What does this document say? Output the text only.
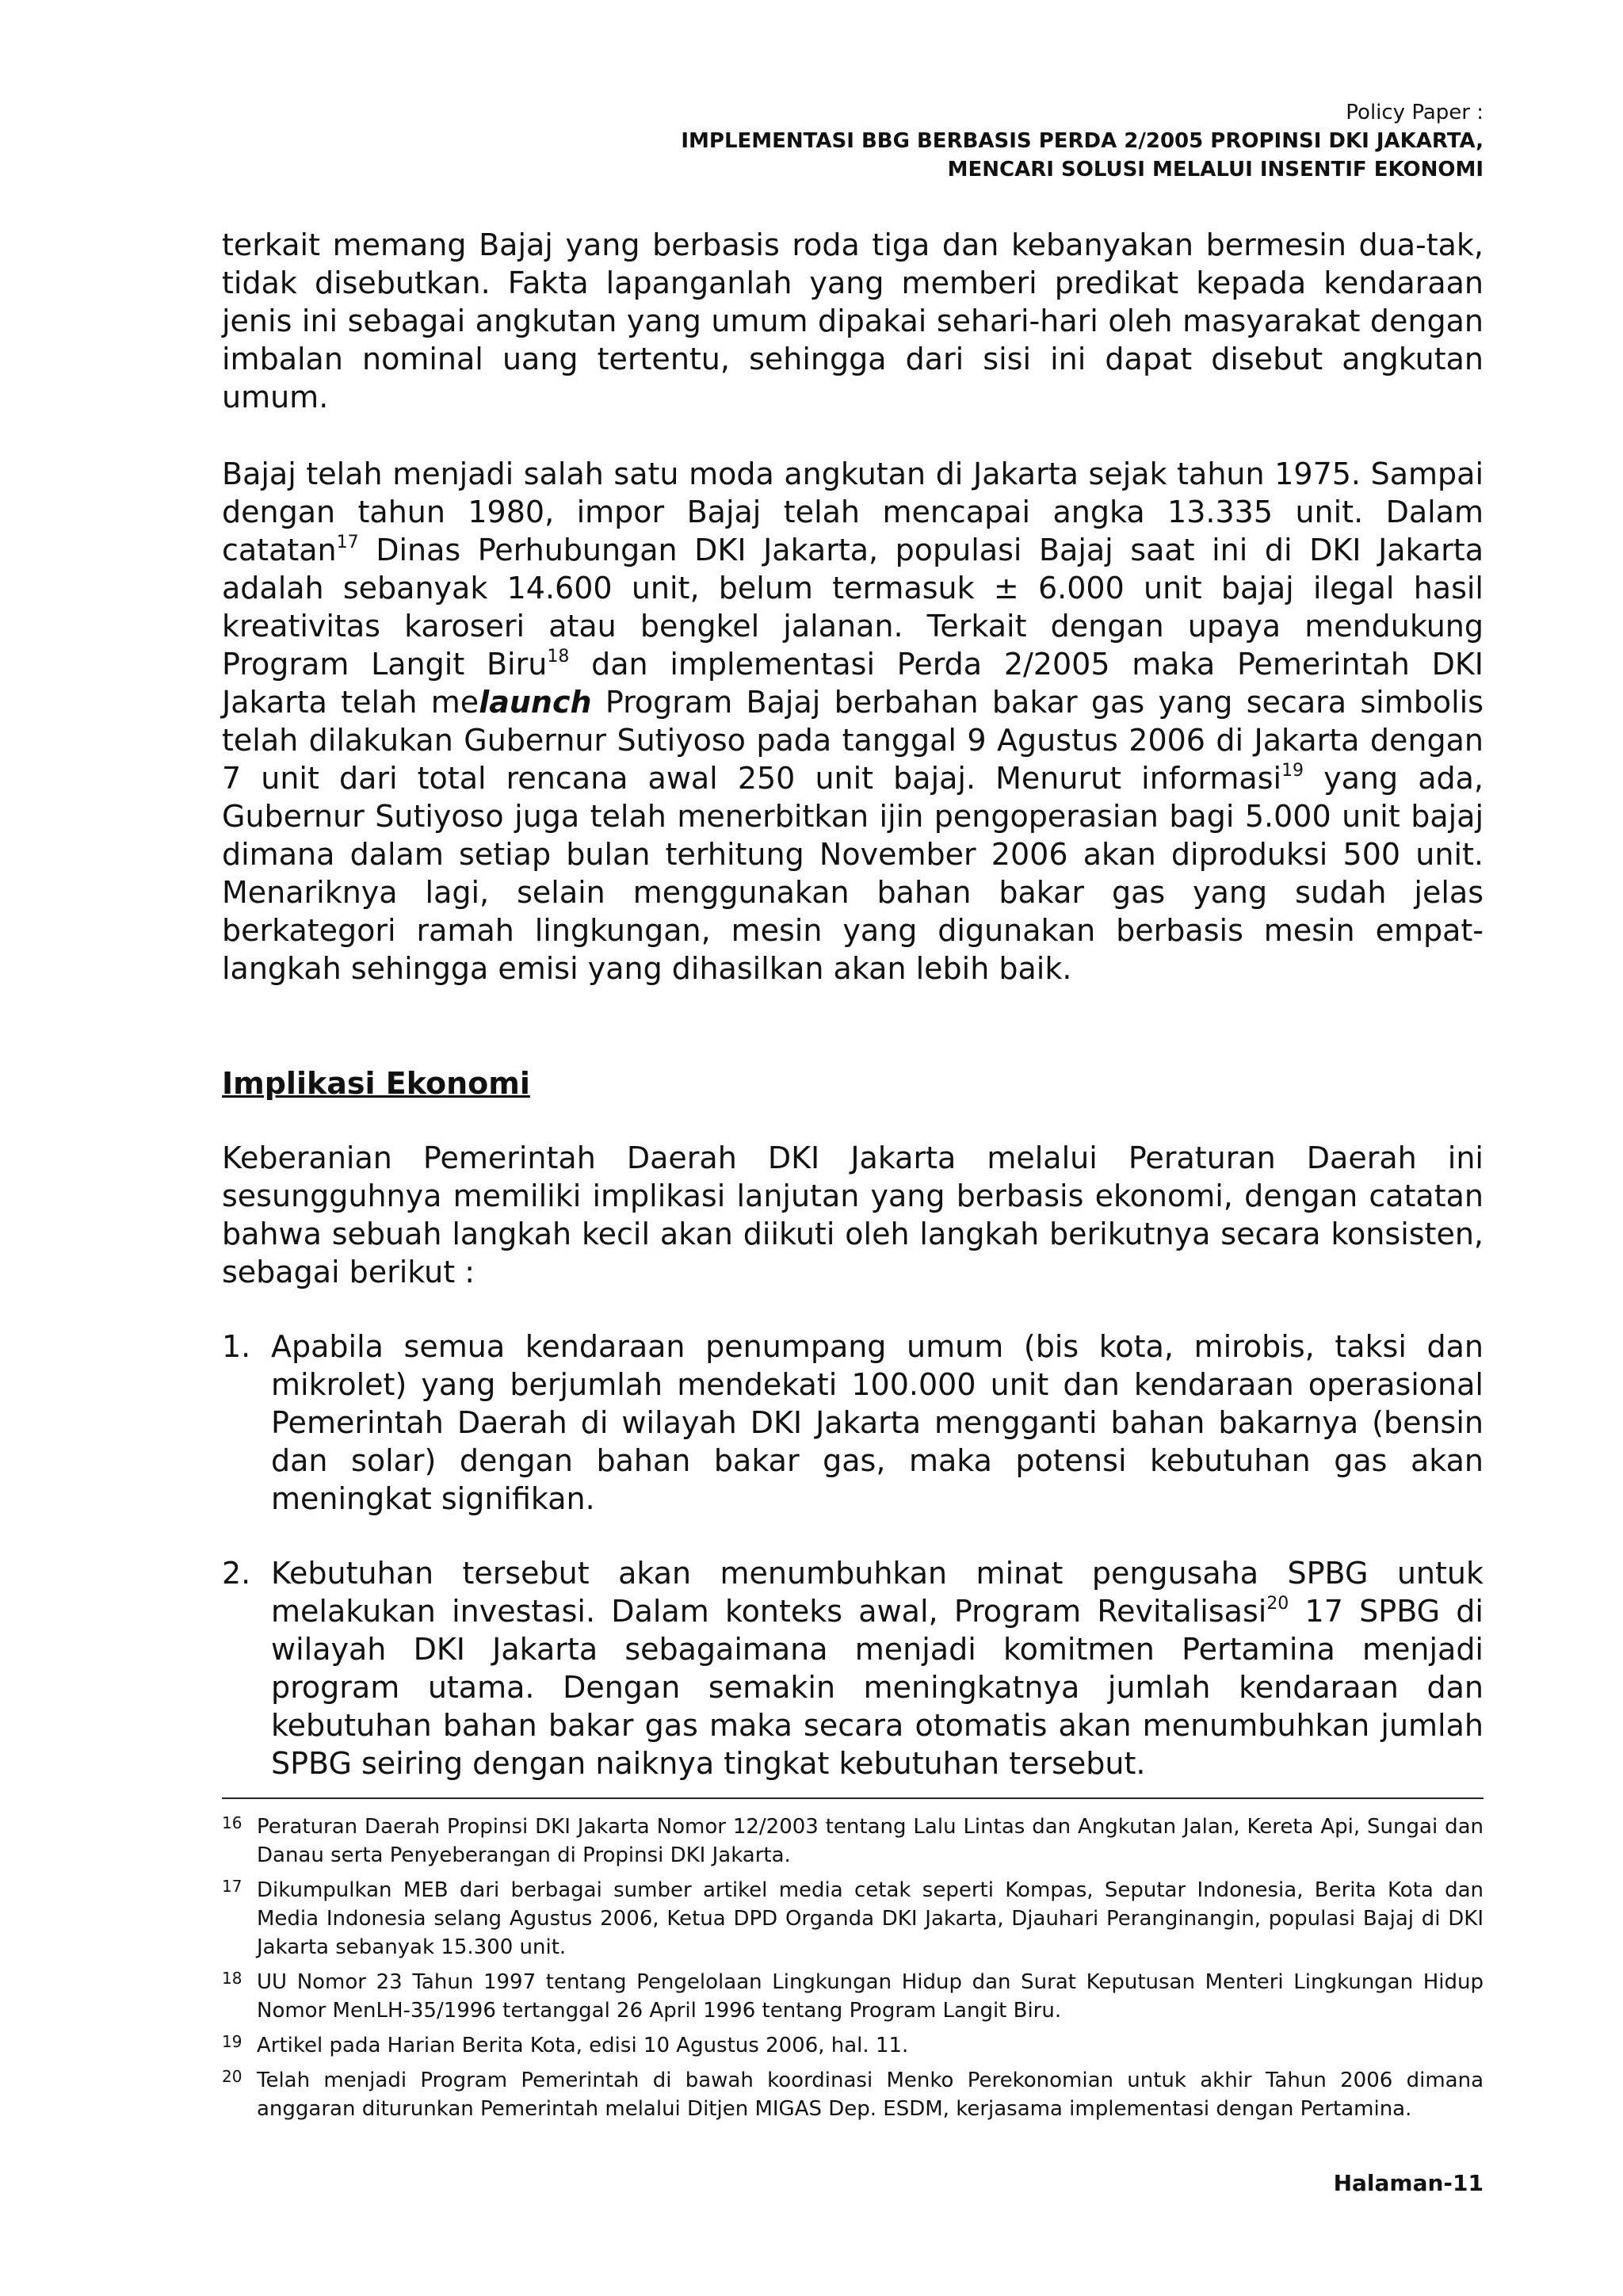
Policy Paper :
IMPLEMENTASI BBG BERBASIS PERDA 2/2005 PROPINSI DKI JAKARTA,
MENCARI SOLUSI MELALUI INSENTIF EKONOMI

terkait memang Bajaj yang berbasis roda tiga dan kebanyakan bermesin dua-tak, tidak disebutkan. Fakta lapanganlah yang memberi predikat kepada kendaraan jenis ini sebagai angkutan yang umum dipakai sehari-hari oleh masyarakat dengan imbalan nominal uang tertentu, sehingga dari sisi ini dapat disebut angkutan umum.

Bajaj telah menjadi salah satu moda angkutan di Jakarta sejak tahun 1975. Sampai dengan tahun 1980, impor Bajaj telah mencapai angka 13.335 unit. Dalam catatan$^{17}$ Dinas Perhubungan DKI Jakarta, populasi Bajaj saat ini di DKI Jakarta adalah sebanyak 14.600 unit, belum termasuk ± 6.000 unit bajaj ilegal hasil kreativitas karoseri atau bengkel jalanan. Terkait dengan upaya mendukung Program Langit Biru$^{18}$ dan implementasi Perda 2/2005 maka Pemerintah DKI Jakarta telah melaunch Program Bajaj berbahan bakar gas yang secara simbolis telah dilakukan Gubernur Sutiyoso pada tanggal 9 Agustus 2006 di Jakarta dengan 7 unit dari total rencana awal 250 unit bajaj. Menurut informasi$^{19}$ yang ada, Gubernur Sutiyoso juga telah menerbitkan ijin pengoperasian bagi 5.000 unit bajaj dimana dalam setiap bulan terhitung November 2006 akan diproduksi 500 unit. Menariknya lagi, selain menggunakan bahan bakar gas yang sudah jelas berkategori ramah lingkungan, mesin yang digunakan berbasis mesin empat-langkah sehingga emisi yang dihasilkan akan lebih baik.

Implikasi Ekonomi

Keberanian Pemerintah Daerah DKI Jakarta melalui Peraturan Daerah ini sesungguhnya memiliki implikasi lanjutan yang berbasis ekonomi, dengan catatan bahwa sebuah langkah kecil akan diikuti oleh langkah berikutnya secara konsisten, sebagai berikut :

1. Apabila semua kendaraan penumpang umum (bis kota, mirobis, taksi dan mikrolet) yang berjumlah mendekati 100.000 unit dan kendaraan operasional Pemerintah Daerah di wilayah DKI Jakarta mengganti bahan bakarnya (bensin dan solar) dengan bahan bakar gas, maka potensi kebutuhan gas akan meningkat signifikan.

2. Kebutuhan tersebut akan menumbuhkan minat pengusaha SPBG untuk melakukan investasi. Dalam konteks awal, Program Revitalisasi$^{20}$ 17 SPBG di wilayah DKI Jakarta sebagaimana menjadi komitmen Pertamina menjadi program utama. Dengan semakin meningkatnya jumlah kendaraan dan kebutuhan bahan bakar gas maka secara otomatis akan menumbuhkan jumlah SPBG seiring dengan naiknya tingkat kebutuhan tersebut.

16 Peraturan Daerah Propinsi DKI Jakarta Nomor 12/2003 tentang Lalu Lintas dan Angkutan Jalan, Kereta Api, Sungai dan Danau serta Penyeberangan di Propinsi DKI Jakarta.
17 Dikumpulkan MEB dari berbagai sumber artikel media cetak seperti Kompas, Seputar Indonesia, Berita Kota dan Media Indonesia selang Agustus 2006, Ketua DPD Organda DKI Jakarta, Djauhari Peranginangin, populasi Bajaj di DKI Jakarta sebanyak 15.300 unit.
18 UU Nomor 23 Tahun 1997 tentang Pengelolaan Lingkungan Hidup dan Surat Keputusan Menteri Lingkungan Hidup Nomor MenLH-35/1996 tertanggal 26 April 1996 tentang Program Langit Biru.
19 Artikel pada Harian Berita Kota, edisi 10 Agustus 2006, hal. 11.
20 Telah menjadi Program Pemerintah di bawah koordinasi Menko Perekonomian untuk akhir Tahun 2006 dimana anggaran diturunkan Pemerintah melalui Ditjen MIGAS Dep. ESDM, kerjasama implementasi dengan Pertamina.
Halaman-11
